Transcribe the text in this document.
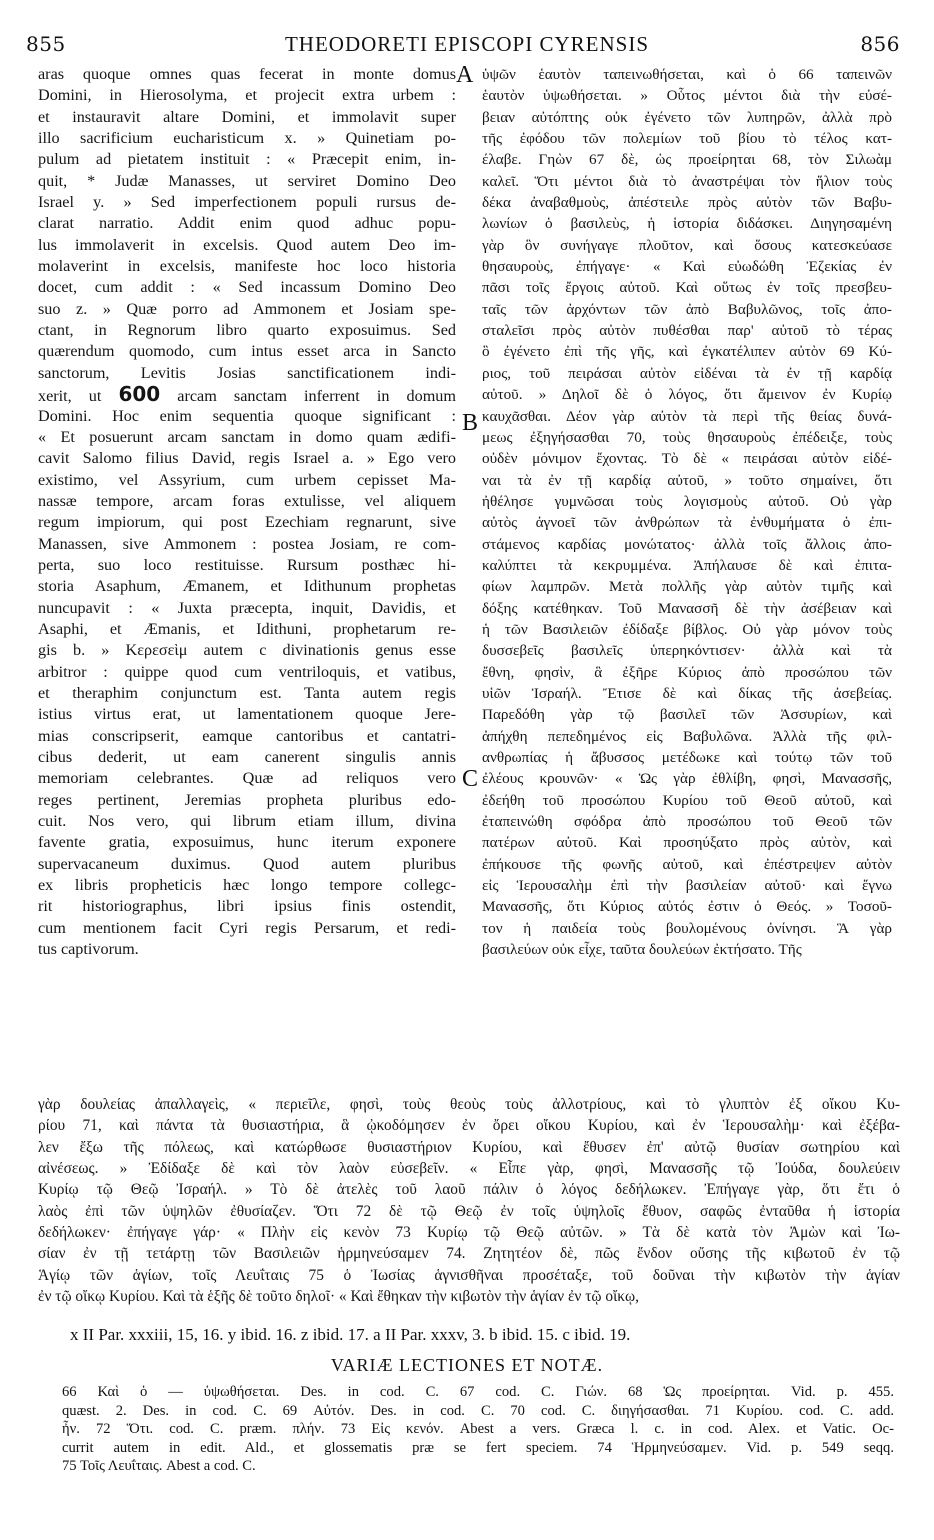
855	THEODORETI EPISCOPI CYRENSIS	856
aras quoque omnes quas fecerat in monte domus
Domini, in Hierosolyma, et projecit extra urbem :
et instauravit altare Domini, et immolavit super
illo sacrificium eucharisticum x. » Quinetiam po-
pulum ad pietatem instituit : « Præcepit enim, in-
quit, * Judæ Manasses, ut serviret Domino Deo
Israel y. » Sed imperfectionem populi rursus de-
clarat narratio. Addit enim quod adhuc popu-
lus immolaverit in excelsis. Quod autem Deo im-
molaverint in excelsis, manifeste hoc loco historia
docet, cum addit : « Sed incassum Domino Deo
suo z. » Quæ porro ad Ammonem et Josiam spe-
ctant, in Regnorum libro quarto exposuimus. Sed
quærendum quomodo, cum intus esset arca in Sancto
sanctorum, Levitis Josias sanctificationem indi-
xerit, ut 600 arcam sanctam inferrent in domum
Domini. Hoc enim sequentia quoque significant :
« Et posuerunt arcam sanctam in domo quam ædifi-
cavit Salomo filius David, regis Israel a. » Ego vero
existimo, vel Assyrium, cum urbem cepisset Ma-
nassæ tempore, arcam foras extulisse, vel aliquem
regum impiorum, qui post Ezechiam regnarunt, sive
Manassen, sive Ammonem : postea Josiam, re com-
perta, suo loco restituisse. Rursum posthæc hi-
storia Asaphum, Æmanem, et Idithunum prophetas
nuncupavit : « Juxta præcepta, inquit, Davidis, et
Asaphi, et Æmanis, et Idithuni, prophetarum re-
gis b. » Κερεσεὶμ autem c divinationis genus esse
arbitror : quippe quod cum ventriloquis, et vatibus,
et theraphim conjunctum est. Tanta autem regis
istius virtus erat, ut lamentationem quoque Jere-
mias conscripserit, eamque cantoribus et cantatri-
cibus dederit, ut eam canerent singulis annis
memoriam celebrantes. Quæ ad reliquos vero
reges pertinent, Jeremias propheta pluribus edo-
cuit. Nos vero, qui librum etiam illum, divina
favente gratia, exposuimus, hunc iterum exponere
supervacaneum duximus. Quod autem pluribus
ex libris propheticis hæc longo tempore collegc-
rit historiographus, libri ipsius finis ostendit,
cum mentionem facit Cyri regis Persarum, et redi-
tus captivorum.
A
B
C
ὑψῶν ἑαυτὸν ταπεινωθήσεται, καὶ ὁ 66 ταπεινῶν
ἑαυτὸν ὑψωθήσεται. » Οὗτος μέντοι διὰ τὴν εὐσέ-
βειαν αὐτόπτης οὐκ ἐγένετο τῶν λυπηρῶν, ἀλλὰ πρὸ
τῆς ἐφόδου τῶν πολεμίων τοῦ βίου τὸ τέλος κατ-
έλαβε. Γηὼν 67 δὲ, ὡς προείρηται 68, τὸν Σιλωὰμ
καλεῖ. Ὅτι μέντοι διὰ τὸ ἀναστρέψαι τὸν ἥλιον τοὺς
δέκα ἀναβαθμοὺς, ἀπέστειλε πρὸς αὐτὸν τῶν Βαβυ-
λωνίων ὁ βασιλεὺς, ἡ ἱστορία διδάσκει. Διηγησαμένη
γὰρ ὃν συνήγαγε πλοῦτον, καὶ ὅσους κατεσκεύασε
θησαυροὺς, ἐπήγαγε· « Καὶ εὐωδώθη Ἐζεκίας ἐν
πᾶσι τοῖς ἔργοις αὐτοῦ. Καὶ οὕτως ἐν τοῖς πρεσβευ-
ταῖς τῶν ἀρχόντων τῶν ἀπὸ Βαβυλῶνος, τοῖς ἀπο-
σταλεῖσι πρὸς αὐτὸν πυθέσθαι παρ' αὐτοῦ τὸ τέρας
ὃ ἐγένετο ἐπὶ τῆς γῆς, καὶ ἐγκατέλιπεν αὐτὸν 69 Κύ-
ριος, τοῦ πειράσαι αὐτὸν εἰδέναι τὰ ἐν τῇ καρδίᾳ
αὐτοῦ. » Δηλοῖ δὲ ὁ λόγος, ὅτι ἄμεινον ἐν Κυρίῳ
καυχᾶσθαι. Δέον γὰρ αὐτὸν τὰ περὶ τῆς θείας δυνά-
μεως ἐξηγήσασθαι 70, τοὺς θησαυροὺς ἐπέδειξε, τοὺς
οὐδὲν μόνιμον ἔχοντας. Τὸ δὲ « πειράσαι αὐτὸν εἰδέ-
ναι τὰ ἐν τῇ καρδίᾳ αὐτοῦ, » τοῦτο σημαίνει, ὅτι
ἠθέλησε γυμνῶσαι τοὺς λογισμοὺς αὐτοῦ. Οὐ γὰρ
αὐτὸς ἀγνοεῖ τῶν ἀνθρώπων τὰ ἐνθυμήματα ὁ ἐπι-
στάμενος καρδίας μονώτατος· ἀλλὰ τοῖς ἄλλοις ἀπο-
καλύπτει τὰ κεκρυμμένα. Ἀπήλαυσε δὲ καὶ ἐπιτα-
φίων λαμπρῶν. Μετὰ πολλῆς γὰρ αὐτὸν τιμῆς καὶ
δόξης κατέθηκαν. Τοῦ Μανασσῆ δὲ τὴν ἀσέβειαν καὶ
ἡ τῶν Βασιλειῶν ἐδίδαξε βίβλος. Οὐ γὰρ μόνον τοὺς
δυσσεβεῖς βασιλεῖς ὑπερηκόντισεν· ἀλλὰ καὶ τὰ
ἔθνη, φησὶν, ἃ ἐξῆρε Κύριος ἀπὸ προσώπου τῶν
υἱῶν Ἰσραήλ. Ἔτισε δὲ καὶ δίκας τῆς ἀσεβείας.
Παρεδόθη γὰρ τῷ βασιλεῖ τῶν Ἀσσυρίων, καὶ
ἀπήχθη πεπεδημένος εἰς Βαβυλῶνα. Ἀλλὰ τῆς φιλ-
ανθρωπίας ἡ ἄβυσσος μετέδωκε καὶ τούτῳ τῶν τοῦ
ἐλέους κρουνῶν· « Ὡς γὰρ ἐθλίβη, φησὶ, Μανασσῆς,
ἐδεήθη τοῦ προσώπου Κυρίου τοῦ Θεοῦ αὐτοῦ, καὶ
ἐταπεινώθη σφόδρα ἀπὸ προσώπου τοῦ Θεοῦ τῶν
πατέρων αὐτοῦ. Καὶ προσηύξατο πρὸς αὐτὸν, καὶ
ἐπήκουσε τῆς φωνῆς αὐτοῦ, καὶ ἐπέστρεψεν αὐτὸν
εἰς Ἱερουσαλὴμ ἐπὶ τὴν βασιλείαν αὐτοῦ· καὶ ἔγνω
Μανασσῆς, ὅτι Κύριος αὐτός ἐστιν ὁ Θεός. » Τοσοῦ-
τον ἡ παιδεία τοὺς βουλομένους ὀνίνησι. Ἃ γὰρ
βασιλεύων οὐκ εἶχε, ταῦτα δουλεύων ἐκτήσατο. Τῆς
γὰρ δουλείας ἀπαλλαγεὶς, « περιεῖλε, φησὶ, τοὺς θεοὺς τοὺς ἀλλοτρίους, καὶ τὸ γλυπτὸν ἐξ οἴκου Κυ-
ρίου 71, καὶ πάντα τὰ θυσιαστήρια, ἃ ᾠκοδόμησεν ἐν ὄρει οἴκου Κυρίου, καὶ ἐν Ἱερουσαλὴμ· καὶ ἐξέβα-
λεν ἔξω τῆς πόλεως, καὶ κατώρθωσε θυσιαστήριον Κυρίου, καὶ ἔθυσεν ἐπ' αὐτῷ θυσίαν σωτηρίου καὶ
αἰνέσεως. » Ἐδίδαξε δὲ καὶ τὸν λαὸν εὐσεβεῖν. « Εἶπε γὰρ, φησὶ, Μανασσῆς τῷ Ἰούδα, δουλεύειν
Κυρίῳ τῷ Θεῷ Ἰσραήλ. » Τὸ δὲ ἀτελὲς τοῦ λαοῦ πάλιν ὁ λόγος δεδήλωκεν. Ἐπήγαγε γὰρ, ὅτι ἔτι ὁ
λαὸς ἐπὶ τῶν ὑψηλῶν ἐθυσίαζεν. Ὅτι 72 δὲ τῷ Θεῷ ἐν τοῖς ὑψηλοῖς ἔθυον, σαφῶς ἐνταῦθα ἡ ἱστορία
δεδήλωκεν· ἐπήγαγε γάρ· « Πλὴν εἰς κενὸν 73 Κυρίῳ τῷ Θεῷ αὐτῶν. » Τὰ δὲ κατὰ τὸν Ἀμὼν καὶ Ἰω-
σίαν ἐν τῇ τετάρτῃ τῶν Βασιλειῶν ἡρμηνεύσαμεν 74. Ζητητέον δὲ, πῶς ἔνδον οὔσης τῆς κιβωτοῦ ἐν τῷ
Ἁγίῳ τῶν ἁγίων, τοῖς Λευΐταις 75 ὁ Ἰωσίας ἁγνισθῆναι προσέταξε, τοῦ δοῦναι τὴν κιβωτὸν τὴν ἁγίαν
ἐν τῷ οἴκῳ Κυρίου. Καὶ τὰ ἑξῆς δὲ τοῦτο δηλοῖ· « Καὶ ἔθηκαν τὴν κιβωτὸν τὴν ἁγίαν ἐν τῷ οἴκῳ,
x II Par. xxxiii, 15, 16. y ibid. 16. z ibid. 17. a II Par. xxxv, 3. b ibid. 15. c ibid. 19.
VARIÆ LECTIONES ET NOTÆ.
66 Καὶ ὁ — ὑψωθήσεται. Des. in cod. C. 67 cod. C. Γιών. 68 Ὡς προείρηται. Vid. p. 455.
quæst. 2. Des. in cod. C. 69 Αὐτόν. Des. in cod. C. 70 cod. C. διηγήσασθαι. 71 Κυρίου. cod. C. add.
ἦν. 72 Ὅτι. cod. C. præm. πλήν. 73 Εἰς κενόν. Abest a vers. Græca l. c. in cod. Alex. et Vatic. Oc-
currit autem in edit. Ald., et glossematis præ se fert speciem. 74 Ἡρμηνεύσαμεν. Vid. p. 549 seqq.
75 Τοῖς Λευΐταις. Abest a cod. C.
